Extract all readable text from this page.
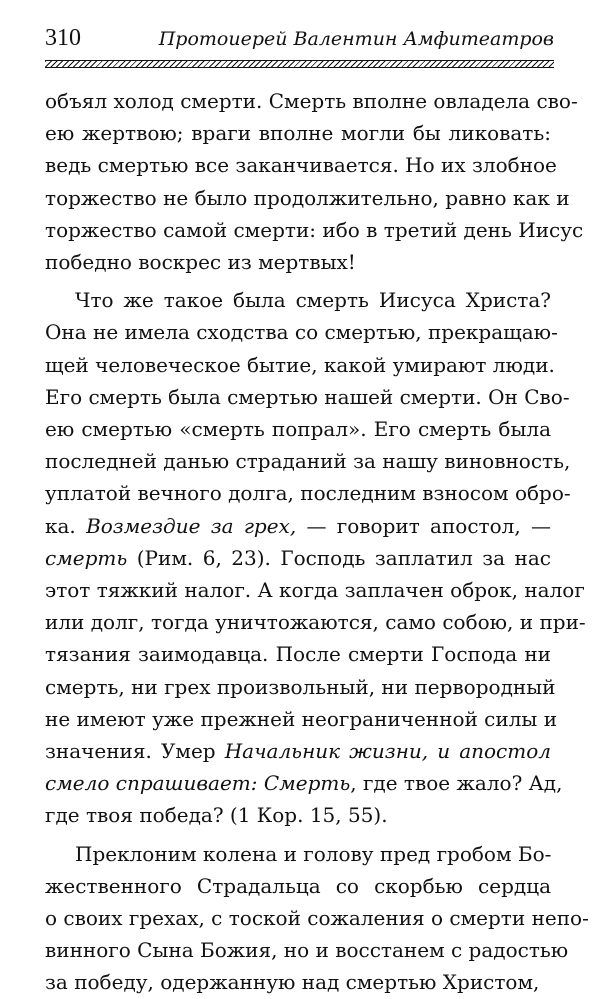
310	Протоиерей Валентин Амфитеатров
объял холод смерти. Смерть вполне овладела сво-
ею жертвою; враги вполне могли бы ликовать:
ведь смертью все заканчивается. Но их злобное
торжество не было продолжительно, равно как и
торжество самой смерти: ибо в третий день Иисус
победно воскрес из мертвых!
Что же такое была смерть Иисуса Христа?
Она не имела сходства со смертью, прекращаю-
щей человеческое бытие, какой умирают люди.
Его смерть была смертью нашей смерти. Он Сво-
ею смертью «смерть попрал». Его смерть была
последней данью страданий за нашу виновность,
уплатой вечного долга, последним взносом обро-
ка. Возмездие за грех, — говорит апостол, —
смерть (Рим. 6, 23). Господь заплатил за нас
этот тяжкий налог. А когда заплачен оброк, налог
или долг, тогда уничтожаются, само собою, и при-
тязания заимодавца. После смерти Господа ни
смерть, ни грех произвольный, ни первородный
не имеют уже прежней неограниченной силы и
значения. Умер Начальник жизни, и апостол
смело спрашивает: Смерть, где твое жало? Ад,
где твоя победа? (1 Кор. 15, 55).
Преклоним колена и голову пред гробом Бо-
жественного Страдальца со скорбью сердца
о своих грехах, с тоской сожаления о смерти непо-
винного Сына Божия, но и восстанем с радостью
за победу, одержанную над смертью Христом,
